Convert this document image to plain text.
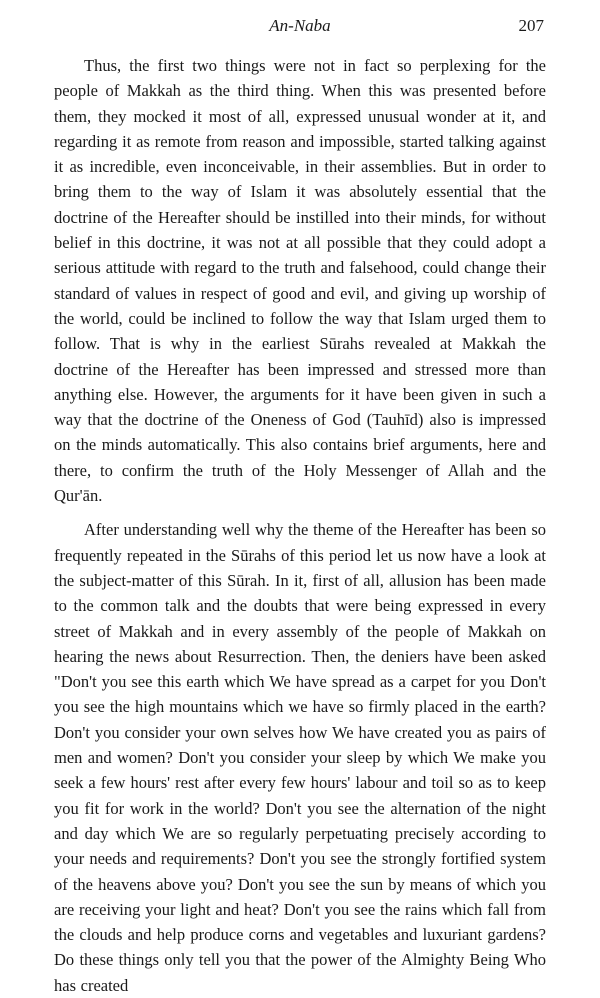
An-Naba	207

Thus, the first two things were not in fact so perplexing for the people of Makkah as the third thing. When this was presented before them, they mocked it most of all, expressed unusual wonder at it, and regarding it as remote from reason and impossible, started talking against it as incredible, even inconceivable, in their assemblies. But in order to bring them to the way of Islam it was absolutely essential that the doctrine of the Hereafter should be instilled into their minds, for without belief in this doctrine, it was not at all possible that they could adopt a serious attitude with regard to the truth and falsehood, could change their standard of values in respect of good and evil, and giving up worship of the world, could be inclined to follow the way that Islam urged them to follow. That is why in the earliest Sūrahs revealed at Makkah the doctrine of the Hereafter has been impressed and stressed more than anything else. However, the arguments for it have been given in such a way that the doctrine of the Oneness of God (Tauhīd) also is impressed on the minds automatically. This also contains brief arguments, here and there, to confirm the truth of the Holy Messenger of Allah and the Qur'ān.

After understanding well why the theme of the Hereafter has been so frequently repeated in the Sūrahs of this period let us now have a look at the subject-matter of this Sūrah. In it, first of all, allusion has been made to the common talk and the doubts that were being expressed in every street of Makkah and in every assembly of the people of Makkah on hearing the news about Resurrection. Then, the deniers have been asked "Don't you see this earth which We have spread as a carpet for you Don't you see the high mountains which we have so firmly placed in the earth? Don't you consider your own selves how We have created you as pairs of men and women? Don't you consider your sleep by which We make you seek a few hours' rest after every few hours' labour and toil so as to keep you fit for work in the world? Don't you see the alternation of the night and day which We are so regularly perpetuating precisely according to your needs and requirements? Don't you see the strongly fortified system of the heavens above you? Don't you see the sun by means of which you are receiving your light and heat? Don't you see the rains which fall from the clouds and help produce corns and vegetables and luxuriant gardens? Do these things only tell you that the power of the Almighty Being Who has created
